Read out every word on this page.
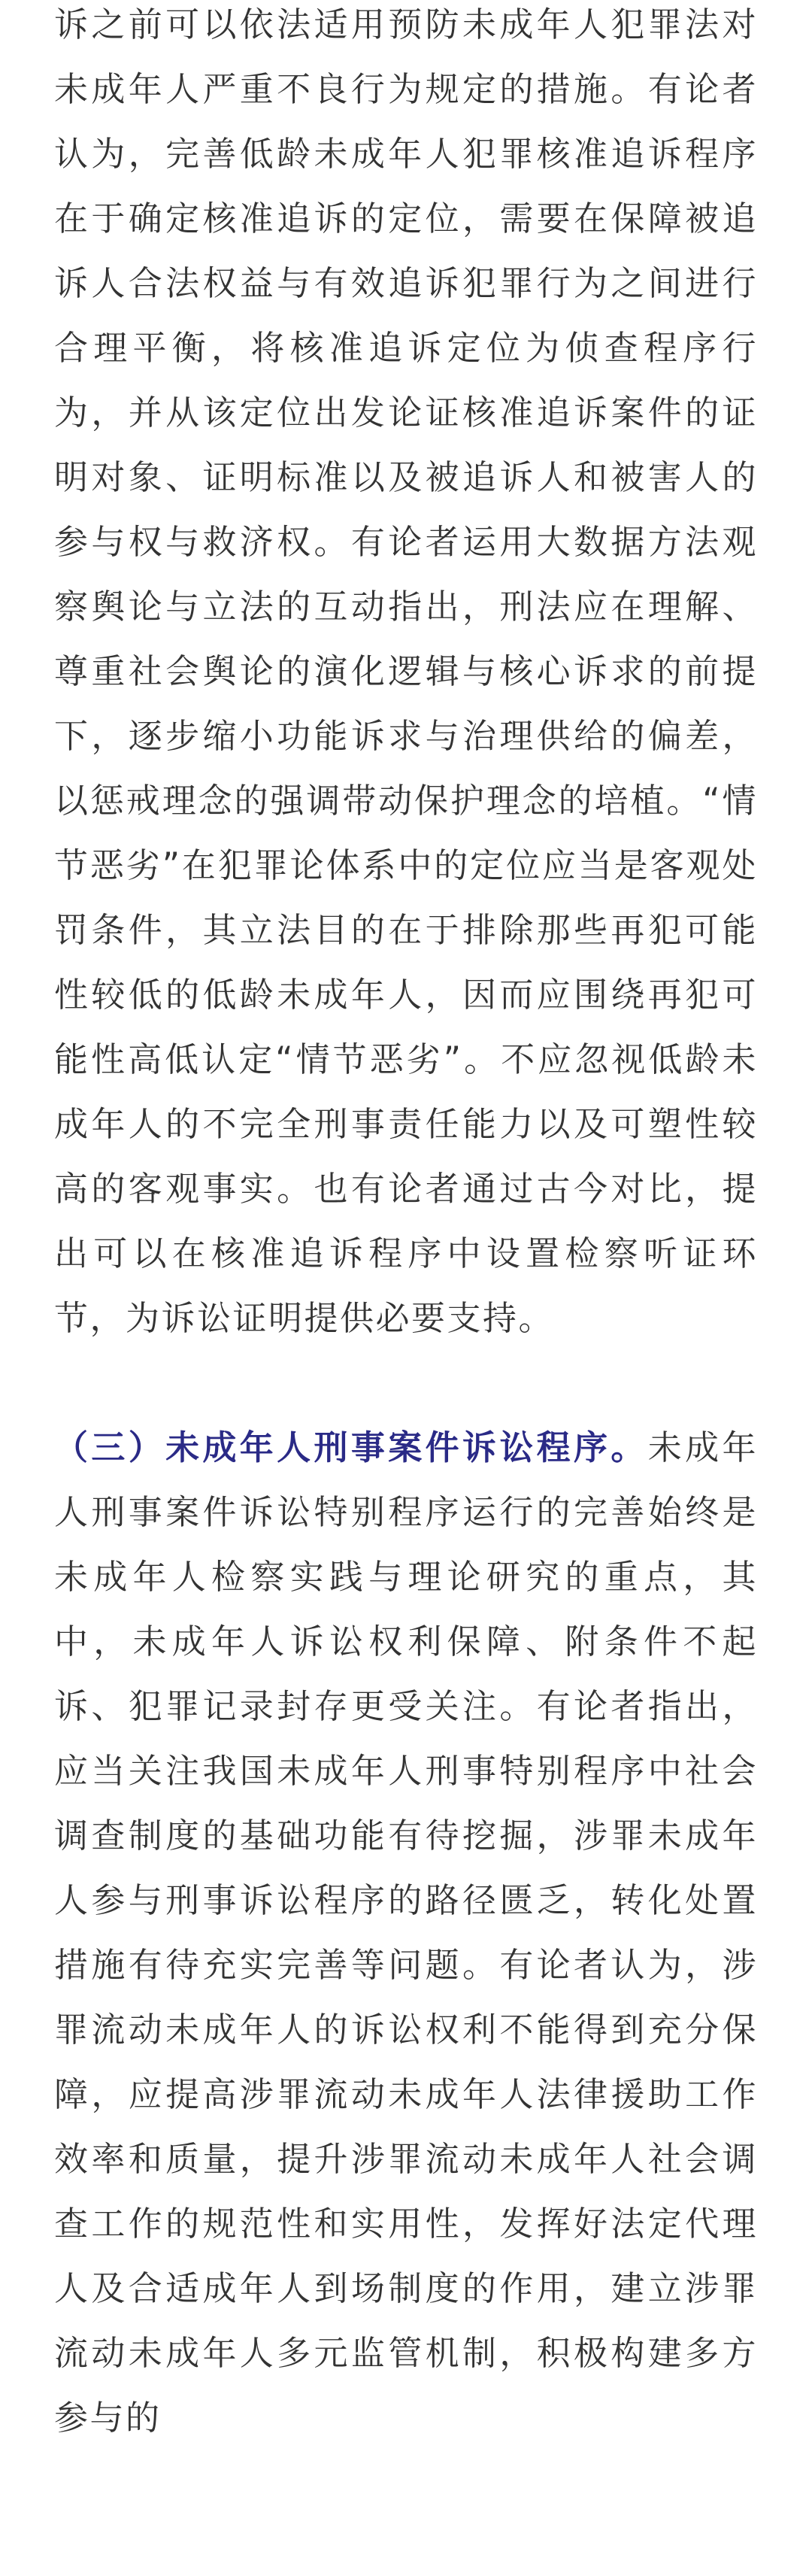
诉之前可以依法适用预防未成年人犯罪法对未成年人严重不良行为规定的措施。有论者认为，完善低龄未成年人犯罪核准追诉程序在于确定核准追诉的定位，需要在保障被追诉人合法权益与有效追诉犯罪行为之间进行合理平衡，将核准追诉定位为侦查程序行为，并从该定位出发论证核准追诉案件的证明对象、证明标准以及被追诉人和被害人的参与权与救济权。有论者运用大数据方法观察舆论与立法的互动指出，刑法应在理解、尊重社会舆论的演化逻辑与核心诉求的前提下，逐步缩小功能诉求与治理供给的偏差，以惩戒理念的强调带动保护理念的培植。“情节恶劣”在犯罪论体系中的定位应当是客观处罚条件，其立法目的在于排除那些再犯可能性较低的低龄未成年人，因而应围绕再犯可能性高低认定“情节恶劣”。不应忽视低龄未成年人的不完全刑事责任能力以及可塑性较高的客观事实。也有论者通过古今对比，提出可以在核准追诉程序中设置检察听证环节，为诉讼证明提供必要支持。

（三）未成年人刑事案件诉讼程序。未成年人刑事案件诉讼特别程序运行的完善始终是未成年人检察实践与理论研究的重点，其中，未成年人诉讼权利保障、附条件不起诉、犯罪记录封存更受关注。有论者指出，应当关注我国未成年人刑事特别程序中社会调查制度的基础功能有待挖掘，涉罪未成年人参与刑事诉讼程序的路径匮乏，转化处置措施有待充实完善等问题。有论者认为，涉罪流动未成年人的诉讼权利不能得到充分保障，应提高涉罪流动未成年人法律援助工作效率和质量，提升涉罪流动未成年人社会调查工作的规范性和实用性，发挥好法定代理人及合适成年人到场制度的作用，建立涉罪流动未成年人多元监管机制，积极构建多方参与的
